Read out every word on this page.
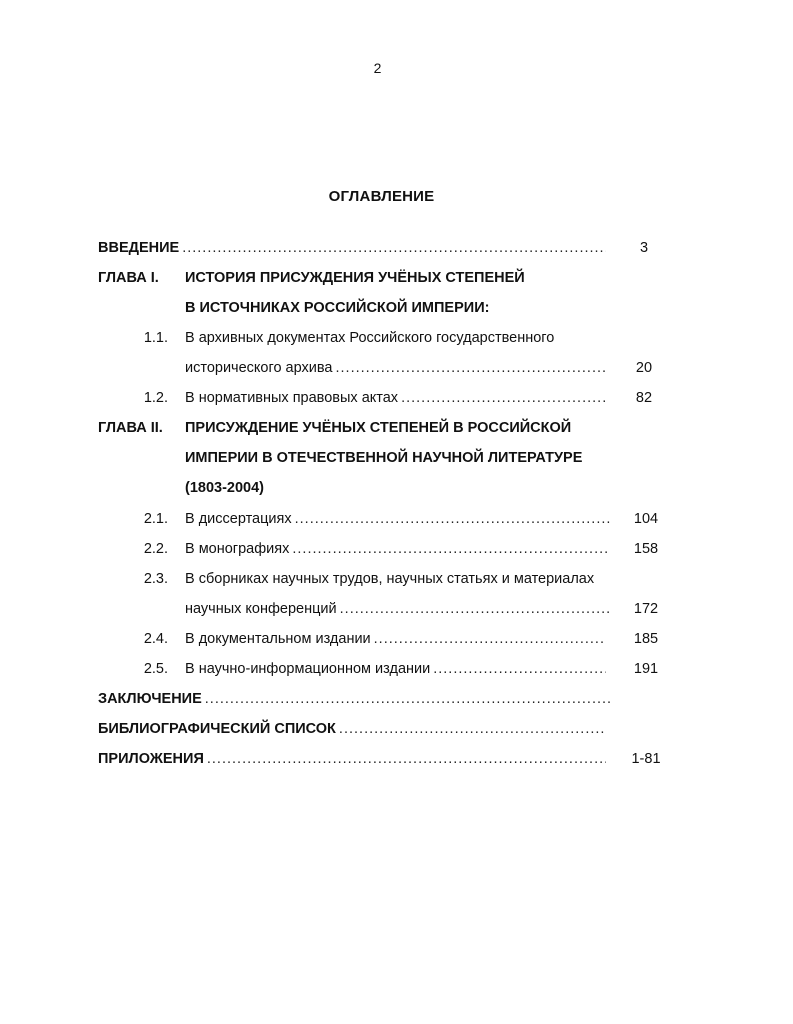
2
ОГЛАВЛЕНИЕ
ВВЕДЕНИЕ .....	3
ГЛАВА I. ИСТОРИЯ ПРИСУЖДЕНИЯ УЧЁНЫХ СТЕПЕНЕЙ
В ИСТОЧНИКАХ РОССИЙСКОЙ ИМПЕРИИ:
1.1. В архивных документах Российского государственного
исторического архива .....	20
1.2. В нормативных правовых актах .....	82
ГЛАВА II. ПРИСУЖДЕНИЕ УЧЁНЫХ СТЕПЕНЕЙ В РОССИЙСКОЙ
ИМПЕРИИ В ОТЕЧЕСТВЕННОЙ НАУЧНОЙ ЛИТЕРАТУРЕ
(1803-2004)
2.1. В диссертациях .....	104
2.2. В монографиях .....	158
2.3. В сборниках научных трудов, научных статьях и материалах
научных конференций .....	172
2.4. В документальном издании .....	185
2.5. В научно-информационном издании .....	191
ЗАКЛЮЧЕНИЕ
.....
БИБЛИОГРАФИЧЕСКИЙ СПИСОК
.....
ПРИЛОЖЕНИЯ .....	1-81
